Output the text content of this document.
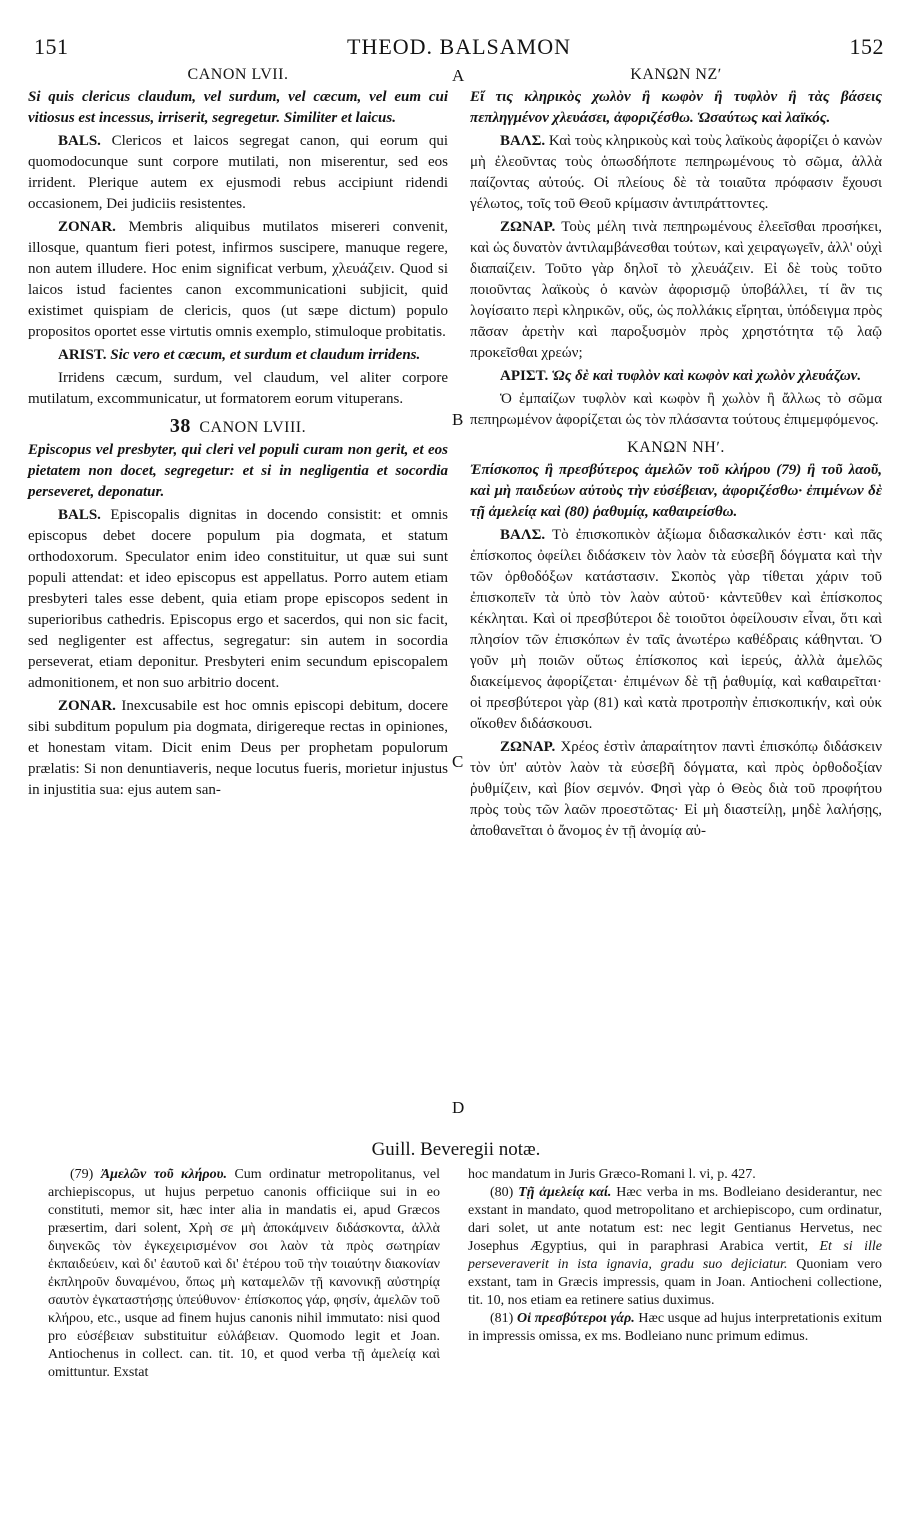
151	THEOD. BALSAMON	152
A
B
C
D
CANON LVII.
Si quis clericus claudum, vel surdum, vel cæcum, vel eum cui vitiosus est incessus, irriserit, segregetur. Similiter et laicus.

BALS. Clericos et laicos segregat canon, qui eorum qui quomodocunque sunt corpore mutilati, non miserentur, sed eos irrident. Plerique autem ex ejusmodi rebus accipiunt ridendi occasionem, Dei judiciis resistentes.

ZONAR. Membris aliquibus mutilatos misereri convenit, illosque, quantum fieri potest, infirmos suscipere, manuque regere, non autem illudere. Hoc enim significat verbum, χλευάζειν. Quod si laicos istud facientes canon excommunicationi subjicit, quid existimet quispiam de clericis, quos (ut sæpe dictum) populo propositos oportet esse virtutis omnis exemplo, stimuloque probitatis.

ARIST. Sic vero et cæcum, et surdum et claudum irridens.

Irridens cæcum, surdum, vel claudum, vel aliter corpore mutilatum, excommunicatur, ut formatorem eorum vituperans.

38 CANON LVIII.
Episcopus vel presbyter, qui cleri vel populi curam non gerit, et eos pietatem non docet, segregetur: et si in negligentia et socordia perseveret, deponatur.

BALS. Episcopalis dignitas in docendo consistit: et omnis episcopus debet docere populum pia dogmata, et statum orthodoxorum. Speculator enim ideo constituitur, ut quæ sui sunt populi attendat: et ideo episcopus est appellatus. Porro autem etiam presbyteri tales esse debent, quia etiam prope episcopos sedent in superioribus cathedris. Episcopus ergo et sacerdos, qui non sic facit, sed negligenter est affectus, segregatur: sin autem in socordia perseverat, etiam deponitur. Presbyteri enim secundum episcopalem admonitionem, et non suo arbitrio docent.

ZONAR. Inexcusabile est hoc omnis episcopi debitum, docere sibi subditum populum pia dogmata, dirigereque rectas in opiniones, et honestam vitam. Dicit enim Deus per prophetam populorum prælatis: Si non denuntiaveris, neque locutus fueris, morietur injustus in injustitia sua: ejus autem san-

ΚΑΝΩΝ ΝΖʹ
Εἴ τις κληρικὸς χωλὸν ἢ κωφὸν ἢ τυφλὸν ἢ τὰς βάσεις πεπληγμένον χλευάσει, ἀφοριζέσθω. Ὡσαύτως καὶ λαϊκός.

ΒΑΛΣ. Καὶ τοὺς κληρικοὺς καὶ τοὺς λαϊκοὺς ἀφορίζει ὁ κανὼν μὴ ἐλεοῦντας τοὺς ὁπωσδήποτε πεπηρωμένους τὸ σῶμα, ἀλλὰ παίζοντας αὐτούς. Οἱ πλείους δὲ τὰ τοιαῦτα πρόφασιν ἔχουσι γέλωτος, τοῖς τοῦ Θεοῦ κρίμασιν ἀντιπράττοντες.

ΖΩΝΑΡ. Τοὺς μέλη τινὰ πεπηρωμένους ἐλεεῖσθαι προσήκει, καὶ ὡς δυνατὸν ἀντιλαμβάνεσθαι τούτων, καὶ χειραγωγεῖν, ἀλλ' οὐχὶ διαπαίζειν. Τοῦτο γὰρ δηλοῖ τὸ χλευάζειν. Εἰ δὲ τοὺς τοῦτο ποιοῦντας λαϊκοὺς ὁ κανὼν ἀφορισμῷ ὑποβάλλει, τί ἂν τις λογίσαιτο περὶ κληρικῶν, οὕς, ὡς πολλάκις εἴρηται, ὑπόδειγμα πρὸς πᾶσαν ἀρετὴν καὶ παροξυσμὸν πρὸς χρηστότητα τῷ λαῷ προκεῖσθαι χρεών;

ΑΡΙΣΤ. Ὡς δὲ καὶ τυφλὸν καὶ κωφὸν καὶ χωλὸν χλευάζων.

Ὁ ἐμπαίζων τυφλὸν καὶ κωφὸν ἢ χωλὸν ἢ ἄλλως τὸ σῶμα πεπηρωμένον ἀφορίζεται ὡς τὸν πλάσαντα τούτους ἐπιμεμφόμενος.

ΚΑΝΩΝ ΝΗʹ.
Ἐπίσκοπος ἢ πρεσβύτερος ἀμελῶν τοῦ κλήρου (79) ἢ τοῦ λαοῦ, καὶ μὴ παιδεύων αὐτοὺς τὴν εὐσέβειαν, ἀφοριζέσθω· ἐπιμένων δὲ τῇ ἀμελείᾳ καὶ (80) ῥαθυμίᾳ, καθαιρείσθω.

ΒΑΛΣ. Τὸ ἐπισκοπικὸν ἀξίωμα διδασκαλικόν ἐστι· καὶ πᾶς ἐπίσκοπος ὀφείλει διδάσκειν τὸν λαὸν τὰ εὐσεβῆ δόγματα καὶ τὴν τῶν ὀρθοδόξων κατάστασιν. Σκοπὸς γὰρ τίθεται χάριν τοῦ ἐπισκοπεῖν τὰ ὑπὸ τὸν λαὸν αὐτοῦ· κἀντεῦθεν καὶ ἐπίσκοπος κέκληται. Καὶ οἱ πρεσβύτεροι δὲ τοιοῦτοι ὀφείλουσιν εἶναι, ὅτι καὶ πλησίον τῶν ἐπισκόπων ἐν ταῖς ἀνωτέρω καθέδραις κάθηνται. Ὁ γοῦν μὴ ποιῶν οὕτως ἐπίσκοπος καὶ ἱερεύς, ἀλλὰ ἀμελῶς διακείμενος ἀφορίζεται· ἐπιμένων δὲ τῇ ῥαθυμίᾳ, καὶ καθαιρεῖται· οἱ πρεσβύτεροι γὰρ (81) καὶ κατὰ προτροπὴν ἐπισκοπικήν, καὶ οὐκ οἴκοθεν διδάσκουσι.

ΖΩΝΑΡ. Χρέος ἐστὶν ἀπαραίτητον παντὶ ἐπισκόπῳ διδάσκειν τὸν ὑπ' αὐτὸν λαὸν τὰ εὐσεβῆ δόγματα, καὶ πρὸς ὀρθοδοξίαν ῥυθμίζειν, καὶ βίον σεμνόν. Φησὶ γὰρ ὁ Θεὸς διὰ τοῦ προφήτου πρὸς τοὺς τῶν λαῶν προεστῶτας· Εἰ μὴ διαστείλῃ, μηδὲ λαλήσῃς, ἀποθανεῖται ὁ ἄνομος ἐν τῇ ἀνομίᾳ αὐ-

Guill. Beveregii notæ.

(79) Ἀμελῶν τοῦ κλήρου. Cum ordinatur metropolitanus, vel archiepiscopus, ut hujus perpetuo canonis officiique sui in eo constituti, memor sit, hæc inter alia in mandatis ei, apud Græcos præsertim, dari solent, Χρὴ σε μὴ ἀποκάμνειν διδάσκοντα, ἀλλὰ διηνεκῶς τὸν ἐγκεχειρισμένον σοι λαὸν τὰ πρὸς σωτηρίαν ἐκπαιδεύειν, καὶ δι' ἑαυτοῦ καὶ δι' ἑτέρου τοῦ τὴν τοιαύτην διακονίαν ἐκπληροῦν δυναμένου, ὅπως μὴ καταμελῶν τῇ κανονικῇ αὐστηρίᾳ σαυτὸν ἐγκαταστήσῃς ὑπεύθυνον· ἐπίσκοπος γάρ, φησίν, ἀμελῶν τοῦ κλήρου, etc., usque ad finem hujus canonis nihil immutato: nisi quod pro εὐσέβειαν substituitur εὐλάβειαν. Quomodo legit et Joan. Antiochenus in collect. can. tit. 10, et quod verba τῇ ἀμελείᾳ καὶ omittuntur. Exstat

hoc mandatum in Juris Græco-Romani l. vi, p. 427.

(80) Τῇ ἀμελείᾳ καί. Hæc verba in ms. Bodleiano desiderantur, nec exstant in mandato, quod metropolitano et archiepiscopo, cum ordinatur, dari solet, ut ante notatum est: nec legit Gentianus Hervetus, nec Josephus Ægyptius, qui in paraphrasi Arabica vertit, Et si ille perseveraverit in ista ignavia, gradu suo dejiciatur. Quoniam vero exstant, tam in Græcis impressis, quam in Joan. Antiocheni collectione, tit. 10, nos etiam ea retinere satius duximus.

(81) Οἱ πρεσβύτεροι γάρ. Hæc usque ad hujus interpretationis exitum in impressis omissa, ex ms. Bodleiano nunc primum edimus.
